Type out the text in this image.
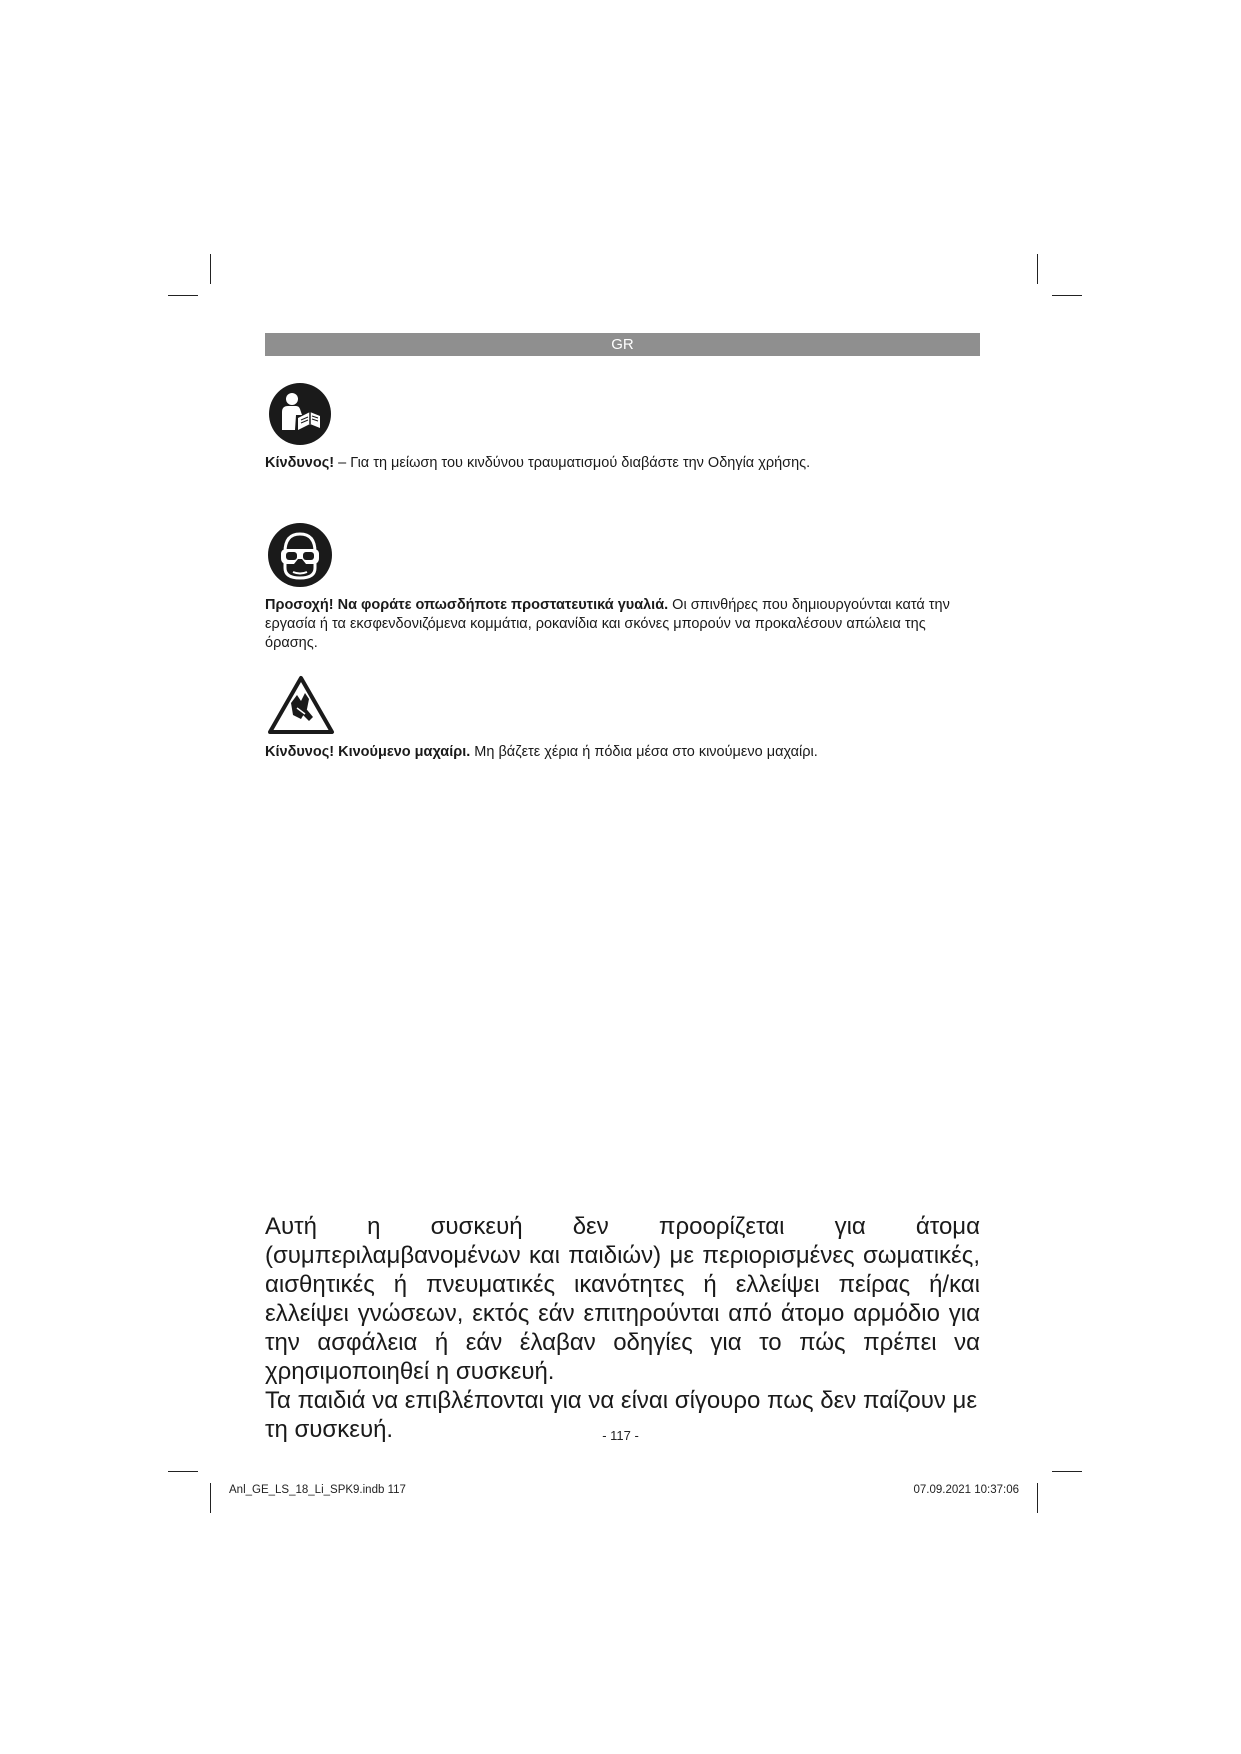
GR
Κίνδυνος! – Για τη μείωση του κινδύνου τραυματισμού διαβάστε την Οδηγία χρήσης.
Προσοχή! Να φοράτε οπωσδήποτε προστατευτικά γυαλιά. Οι σπινθήρες που δημιουργούνται κατά την εργασία ή τα εκσφενδονιζόμενα κομμάτια, ροκανίδια και σκόνες μπορούν να προκαλέσουν απώλεια της όρασης.
Κίνδυνος! Κινούμενο μαχαίρι. Μη βάζετε χέρια ή πόδια μέσα στο κινούμενο μαχαίρι.

Αυτή η συσκευή δεν προορίζεται για άτομα (συμπεριλαμβανομένων και παιδιών) με περιορισμένες σωματικές, αισθητικές ή πνευματικές ικανότητες ή ελλείψει πείρας ή/και ελλείψει γνώσεων, εκτός εάν επιτηρούνται από άτομο αρμόδιο για την ασφάλεια ή εάν έλαβαν οδηγίες για το πώς πρέπει να χρησιμοποιηθεί η συσκευή.

Τα παιδιά να επιβλέπονται για να είναι σίγουρο πως δεν παίζουν με τη συσκευή.	- 117 -
Anl_GE_LS_18_Li_SPK9.indb 117	07.09.2021 10:37:06
